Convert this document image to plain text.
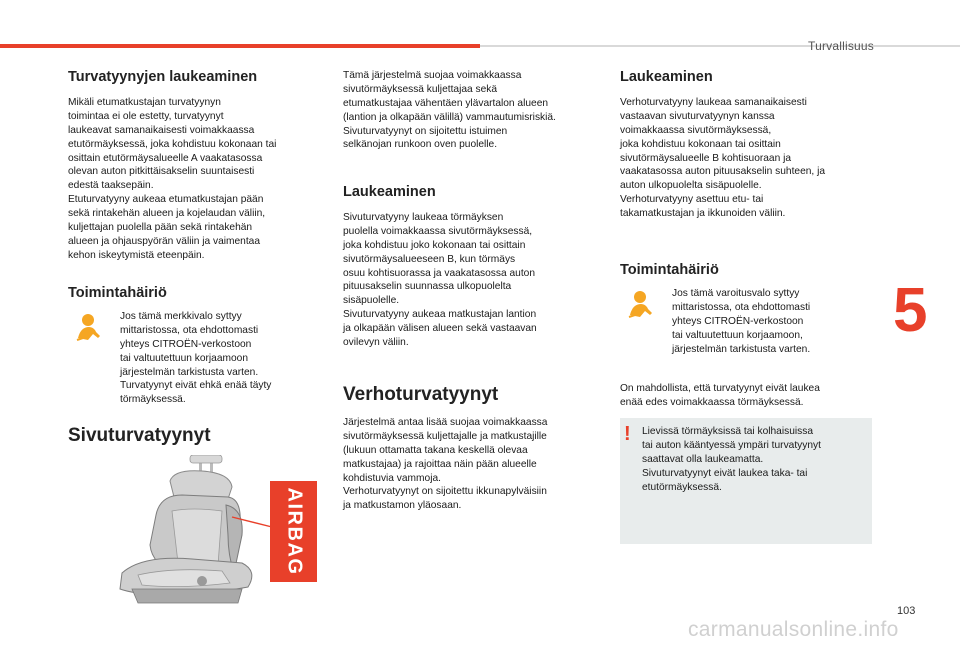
Turvallisuus
Turvatyynyjen laukeaminen

Mikäli etumatkustajan turvatyynyn
toimintaa ei ole estetty, turvatyynyt
laukeavat samanaikaisesti voimakkaassa
etutörmäyksessä, joka kohdistuu kokonaan tai
osittain etutörmäysalueelle A vaakatasossa
olevan auton pitkittäisakselin suuntaisesti
edestä taaksepäin.
Etuturvatyyny aukeaa etumatkustajan pään
sekä rintakehän alueen ja kojelaudan väliin,
kuljettajan puolella pään sekä rintakehän
alueen ja ohjauspyörän väliin ja vaimentaa
kehon iskeytymistä eteenpäin.

Toimintahäiriö

Jos tämä merkkivalo syttyy
mittaristossa, ota ehdottomasti
yhteys CITROËN-verkostoon
tai valtuutettuun korjaamoon
järjestelmän tarkistusta varten.
Turvatyynyt eivät ehkä enää täyty
törmäyksessä.

Sivuturvatyynyt
AIRBAG

Tämä järjestelmä suojaa voimakkaassa
sivutörmäyksessä kuljettajaa sekä
etumatkustajaa vähentäen ylävartalon alueen
(lantion ja olkapään välillä) vammautumisriskiä.
Sivuturvatyynyt on sijoitettu istuimen
selkänojan runkoon oven puolelle.

Laukeaminen

Sivuturvatyyny laukeaa törmäyksen
puolella voimakkaassa sivutörmäyksessä,
joka kohdistuu joko kokonaan tai osittain
sivutörmäysalueeseen B, kun törmäys
osuu kohtisuorassa ja vaakatasossa auton
pituusakselin suunnassa ulkopuolelta
sisäpuolelle.
Sivuturvatyyny aukeaa matkustajan lantion
ja olkapään välisen alueen sekä vastaavan
ovilevyn väliin.

Verhoturvatyynyt

Järjestelmä antaa lisää suojaa voimakkaassa
sivutörmäyksessä kuljettajalle ja matkustajille
(lukuun ottamatta takana keskellä olevaa
matkustajaa) ja rajoittaa näin pään alueelle
kohdistuvia vammoja.
Verhoturvatyynyt on sijoitettu ikkunapylväisiin
ja matkustamon yläosaan.

Laukeaminen

Verhoturvatyyny laukeaa samanaikaisesti
vastaavan sivuturvatyynyn kanssa
voimakkaassa sivutörmäyksessä,
joka kohdistuu kokonaan tai osittain
sivutörmäysalueelle B kohtisuoraan ja
vaakatasossa auton pituusakselin suhteen, ja
auton ulkopuolelta sisäpuolelle.
Verhoturvatyyny asettuu etu- tai
takamatkustajan ja ikkunoiden väliin.

Toimintahäiriö

Jos tämä varoitusvalo syttyy
mittaristossa, ota ehdottomasti
yhteys CITROËN-verkostoon
tai valtuutettuun korjaamoon,
järjestelmän tarkistusta varten.

On mahdollista, että turvatyynyt eivät laukea
enää edes voimakkaassa törmäyksessä.

!	Lievissä törmäyksissä tai kolhaisuissa
tai auton kääntyessä ympäri turvatyynyt
saattavat olla laukeamatta.
Sivuturvatyynyt eivät laukea taka- tai
etutörmäyksessä.

5
103
carmanualsonline.info
